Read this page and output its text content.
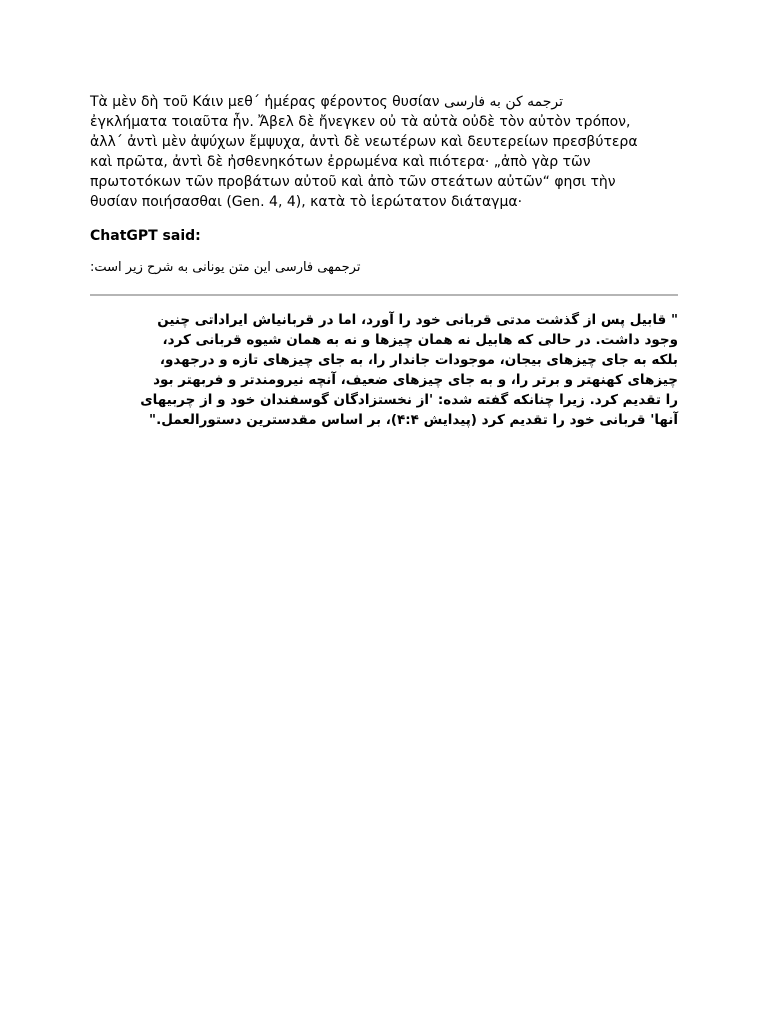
ترجمه کن به فارسی Τὰ μὲν δὴ τοῦ Κάιν μεθ΄ ἡμέρας φέροντος θυσίαν
ἐγκλήματα τοιαῦτα ἦν. Ἄβελ δὲ ἤνεγκεν οὐ τὰ αὐτὰ οὐδὲ τὸν αὐτὸν τρόπον,
ἀλλ΄ ἀντὶ μὲν ἀψύχων ἔμψυχα, ἀντὶ δὲ νεωτέρων καὶ δευτερείων πρεσβύτερα
καὶ πρῶτα, ἀντὶ δὲ ἠσθενηκότων ἐρρωμένα καὶ πιότερα· „ἀπὸ γὰρ τῶν
πρωτοτόκων τῶν προβάτων αὐτοῦ καὶ ἀπὸ τῶν στεάτων αὐτῶν“ φησι τὴν
θυσίαν ποιήσασθαι (Gen. 4, 4), κατὰ τὸ ἱερώτατον διάταγμα·
ChatGPT said:
ترجمهی فارسی این متن یونانی به شرح زیر است:
" قابیل پس از گذشت مدتی قربانی خود را آورد، اما در قربانیاش ایراداتی چنین
وجود داشت. در حالی که هابیل نه همان چیزها و نه به همان شیوه قربانی کرد،
بلکه به جای چیزهای بیجان، موجودات جاندار را، به جای چیزهای تازه و درجهدو،
چیزهای کهنهتر و برتر را، و به جای چیزهای ضعیف، آنچه نیرومندتر و فربهتر بود
را تقدیم کرد. زیرا چنانکه گفته شده: 'از نخستزادگان گوسفندان خود و از چربیهای
آنها' قربانی خود را تقدیم کرد (پیدایش ۴:۴)، بر اساس مقدسترین دستورالعمل."
